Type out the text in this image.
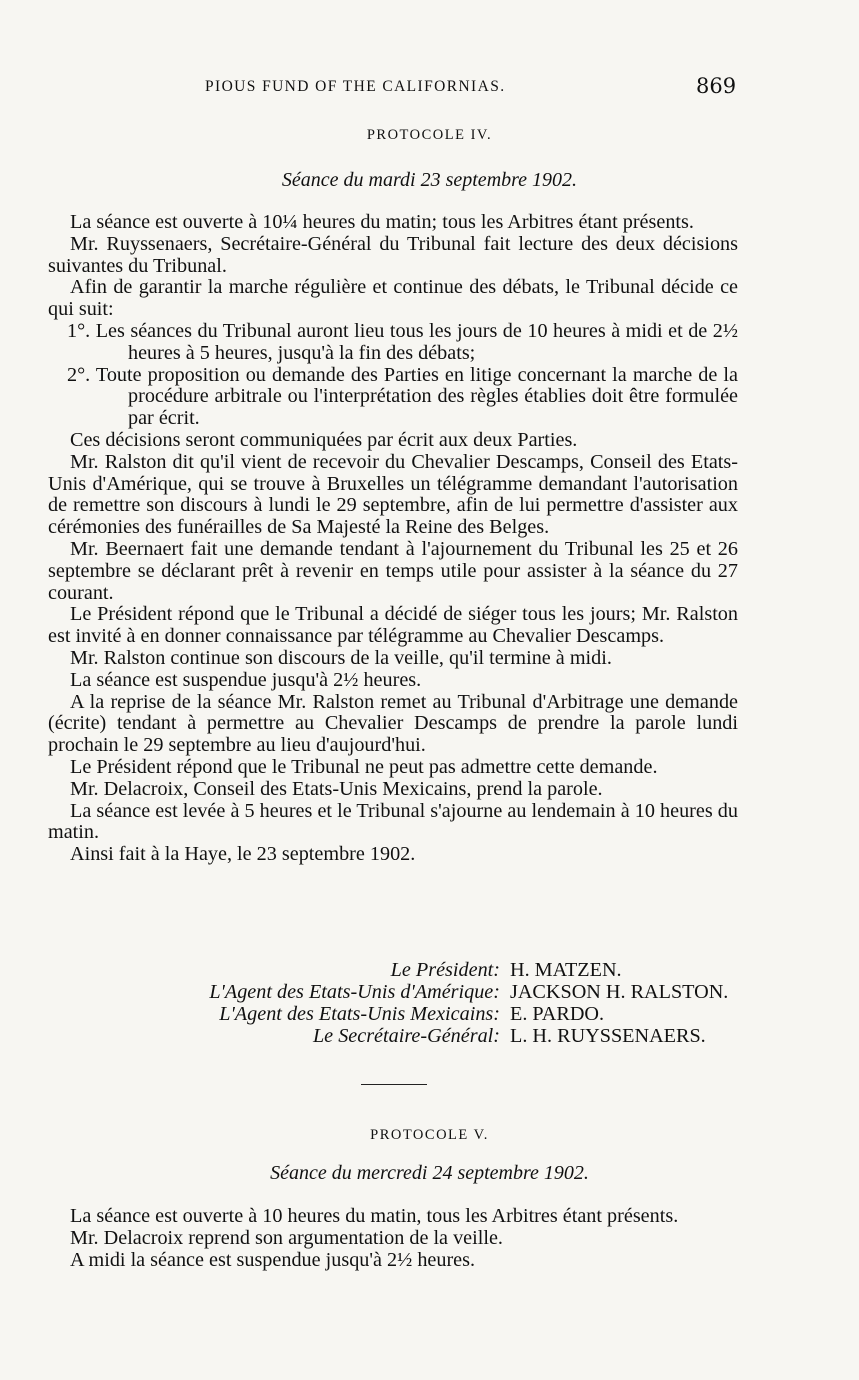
PIOUS FUND OF THE CALIFORNIAS.	869
PROTOCOLE IV.
Séance du mardi 23 septembre 1902.

La séance est ouverte à 10¼ heures du matin; tous les Arbitres étant présents.

Mr. Ruyssenaers, Secrétaire-Général du Tribunal fait lecture des deux décisions suivantes du Tribunal.

Afin de garantir la marche régulière et continue des débats, le Tribunal décide ce qui suit:

1°. Les séances du Tribunal auront lieu tous les jours de 10 heures à midi et de 2½ heures à 5 heures, jusqu'à la fin des débats;

2°. Toute proposition ou demande des Parties en litige concernant la marche de la procédure arbitrale ou l'interprétation des règles établies doit être formulée par écrit.

Ces décisions seront communiquées par écrit aux deux Parties.

Mr. Ralston dit qu'il vient de recevoir du Chevalier Descamps, Conseil des Etats-Unis d'Amérique, qui se trouve à Bruxelles un télégramme demandant l'autorisation de remettre son discours à lundi le 29 septembre, afin de lui permettre d'assister aux cérémonies des funérailles de Sa Majesté la Reine des Belges.

Mr. Beernaert fait une demande tendant à l'ajournement du Tribunal les 25 et 26 septembre se déclarant prêt à revenir en temps utile pour assister à la séance du 27 courant.

Le Président répond que le Tribunal a décidé de siéger tous les jours; Mr. Ralston est invité à en donner connaissance par télégramme au Chevalier Descamps.

Mr. Ralston continue son discours de la veille, qu'il termine à midi.

La séance est suspendue jusqu'à 2½ heures.

A la reprise de la séance Mr. Ralston remet au Tribunal d'Arbitrage une demande (écrite) tendant à permettre au Chevalier Descamps de prendre la parole lundi prochain le 29 septembre au lieu d'aujourd'hui.

Le Président répond que le Tribunal ne peut pas admettre cette demande.

Mr. Delacroix, Conseil des Etats-Unis Mexicains, prend la parole.

La séance est levée à 5 heures et le Tribunal s'ajourne au lendemain à 10 heures du matin.

Ainsi fait à la Haye, le 23 septembre 1902.

Le Président: H. MATZEN.
L'Agent des Etats-Unis d'Amérique: JACKSON H. RALSTON.
L'Agent des Etats-Unis Mexicains: E. PARDO.
Le Secrétaire-Général: L. H. RUYSSENAERS.
PROTOCOLE V.
Séance du mercredi 24 septembre 1902.

La séance est ouverte à 10 heures du matin, tous les Arbitres étant présents.

Mr. Delacroix reprend son argumentation de la veille.

A midi la séance est suspendue jusqu'à 2½ heures.
